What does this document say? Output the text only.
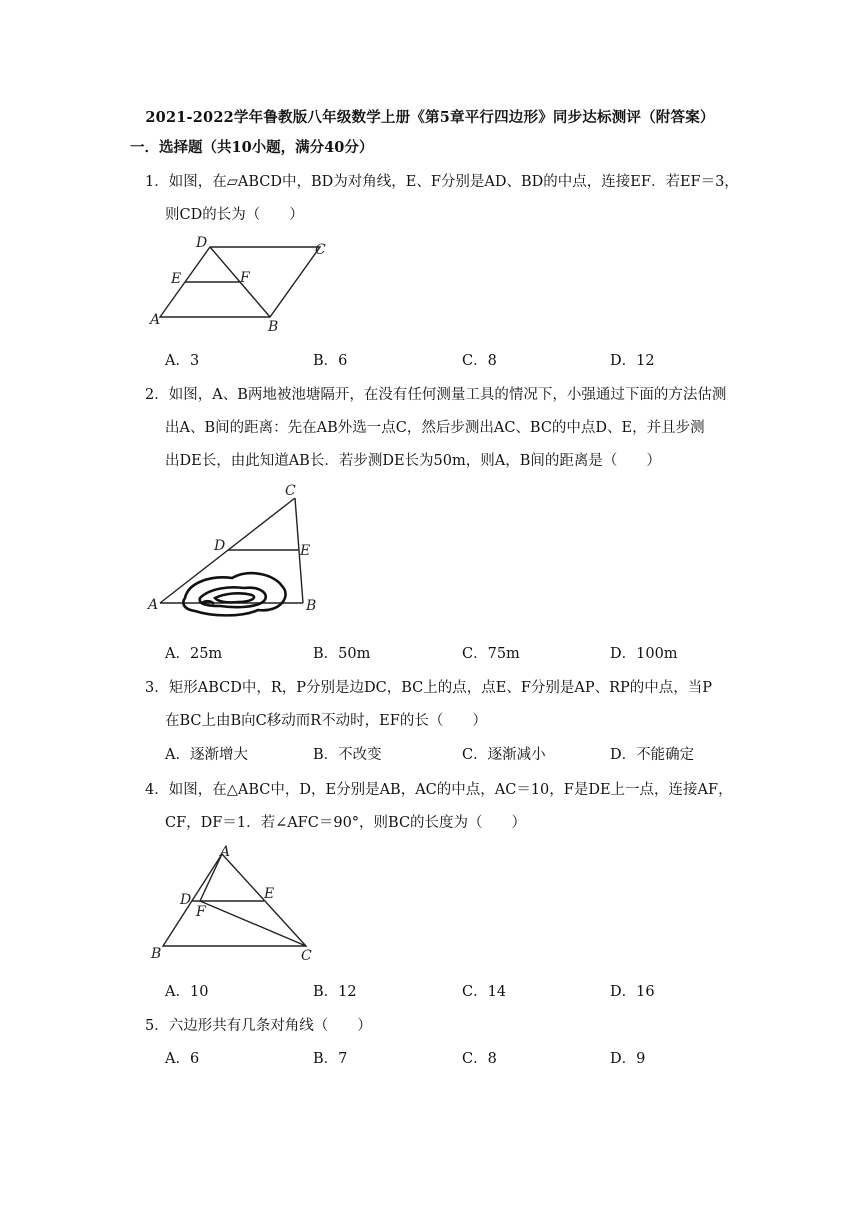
2021-2022学年鲁教版八年级数学上册《第5章平行四边形》同步达标测评（附答案）
一．选择题（共10小题，满分40分）
1．如图，在▱ABCD中，BD为对角线，E、F分别是AD、BD的中点，连接EF．若EF＝3，
则CD的长为（　　）
D	C
E	F
A	B
A．3	B．6	C．8	D．12
2．如图，A、B两地被池塘隔开，在没有任何测量工具的情况下，小强通过下面的方法估测
出A、B间的距离：先在AB外选一点C，然后步测出AC、BC的中点D、E，并且步测
出DE长，由此知道AB长．若步测DE长为50m，则A，B间的距离是（　　）
C
D	E
A	B
A．25m	B．50m	C．75m	D．100m
3．矩形ABCD中，R，P分别是边DC，BC上的点，点E、F分别是AP、RP的中点，当P
在BC上由B向C移动而R不动时，EF的长（　　）
A．逐渐增大	B．不改变	C．逐渐减小	D．不能确定
4．如图，在△ABC中，D，E分别是AB，AC的中点，AC＝10，F是DE上一点，连接AF，
CF，DF＝1．若∠AFC＝90°，则BC的长度为（　　）
A
D	E
F
B	C
A．10	B．12	C．14	D．16
5．六边形共有几条对角线（　　）
A．6	B．7	C．8	D．9
